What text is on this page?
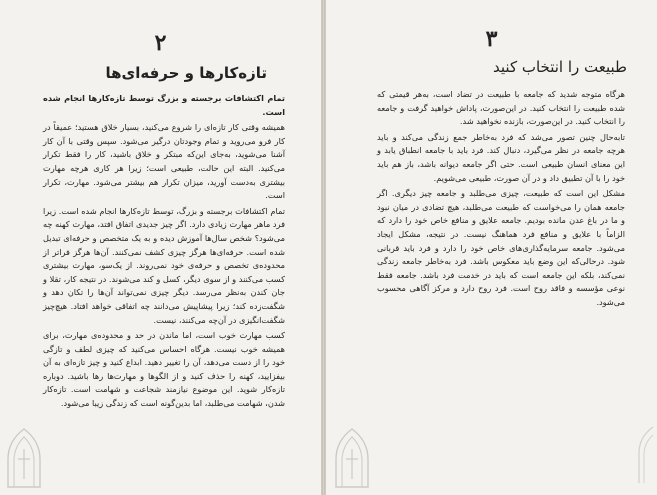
۲
تازه‌کارها و حرفه‌ای‌ها

تمام اکتشافات برجسته و بزرگ توسط تازه‌کارها انجام شده است.

همیشه وقتی کار تازه‌ای را شروع می‌کنید، بسیار خلاق هستید؛ عمیقاً در کار فرو می‌روید و تمام وجودتان درگیر می‌شود. سپس وقتی با آن کار آشنا می‌شوید، به‌جای این‌که مبتکر و خلاق باشید، کار را فقط تکرار می‌کنید. البته این حالت، طبیعی است؛ زیرا هر کاری هرچه مهارت بیشتری به‌دست آورید، میزان تکرار هم بیشتر می‌شود. مهارت، تکرار است.

تمام اکتشافات برجسته و بزرگ، توسط تازه‌کارها انجام شده است. زیرا فرد ماهر مهارت زیادی دارد. اگر چیز جدیدی اتفاق افتد، مهارت کهنه چه می‌شود؟ شخص سال‌ها آموزش دیده و به یک متخصص و حرفه‌ای تبدیل شده است. حرفه‌ای‌ها هرگز چیزی کشف نمی‌کنند. آن‌ها هرگز فراتر از محدوده‌ی تخصص و حرفه‌ی خود نمی‌روند. از یک‌سو، مهارت بیشتری کسب می‌کنند و از سوی دیگر، کسل و کند می‌شوند. در نتیجه کار، تقلا و جان کندن به‌نظر می‌رسد. دیگر چیزی نمی‌تواند آن‌ها را تکان دهد و شگفت‌زده کند؛ زیرا پیشاپیش می‌دانند چه اتفاقی خواهد افتاد. هیچ‌چیز شگفت‌انگیزی در آن‌چه می‌کنند، نیست.

کسب مهارت خوب است، اما ماندن در حد و محدوده‌ی مهارت، برای همیشه خوب نیست. هرگاه احساس می‌کنید که چیزی لطف و تازگی خود را از دست می‌دهد، آن را تغییر دهید. ابداع کنید و چیز تازه‌ای به آن بیفزایید، کهنه را حذف کنید و از الگوها و مهارت‌ها رها باشید. دوباره تازه‌کار شوید. این موضوع نیازمند شجاعت و شهامت است. تازه‌کار شدن، شهامت می‌طلبد، اما بدین‌گونه است که زندگی زیبا می‌شود.

۳
طبیعت را انتخاب کنید

هرگاه متوجه شدید که جامعه با طبیعت در تضاد است، به‌هر قیمتی که شده طبیعت را انتخاب کنید. در این‌صورت، پاداش خواهید گرفت و جامعه را انتخاب کنید. در این‌صورت، بازنده نخواهید شد.

تابه‌حال چنین تصور می‌شد که فرد به‌خاطر جمع زندگی می‌کند و باید هرچه جامعه در نظر می‌گیرد، دنبال کند. فرد باید با جامعه انطباق یابد و این معنای انسان طبیعی است. حتی اگر جامعه دیوانه باشد، باز هم باید خود را با آن تطبیق داد و در آن صورت، طبیعی می‌شویم.

مشکل این است که طبیعت، چیزی می‌طلبد و جامعه چیز دیگری. اگر جامعه همان را می‌خواست که طبیعت می‌طلبد، هیچ تضادی در میان نبود و ما در باغ عدن مانده بودیم. جامعه علایق و منافع خاص خود را دارد که الزاماً با علایق و منافع فرد هماهنگ نیست. در نتیجه، مشکل ایجاد می‌شود. جامعه سرمایه‌گذاری‌های خاص خود را دارد و فرد باید قربانی شود. درحالی‌که این وضع باید معکوس باشد. فرد به‌خاطر جامعه زندگی نمی‌کند، بلکه این جامعه است که باید در خدمت فرد باشد. جامعه فقط نوعی مؤسسه و فاقد روح است. فرد روح دارد و مرکز آگاهی محسوب می‌شود.
